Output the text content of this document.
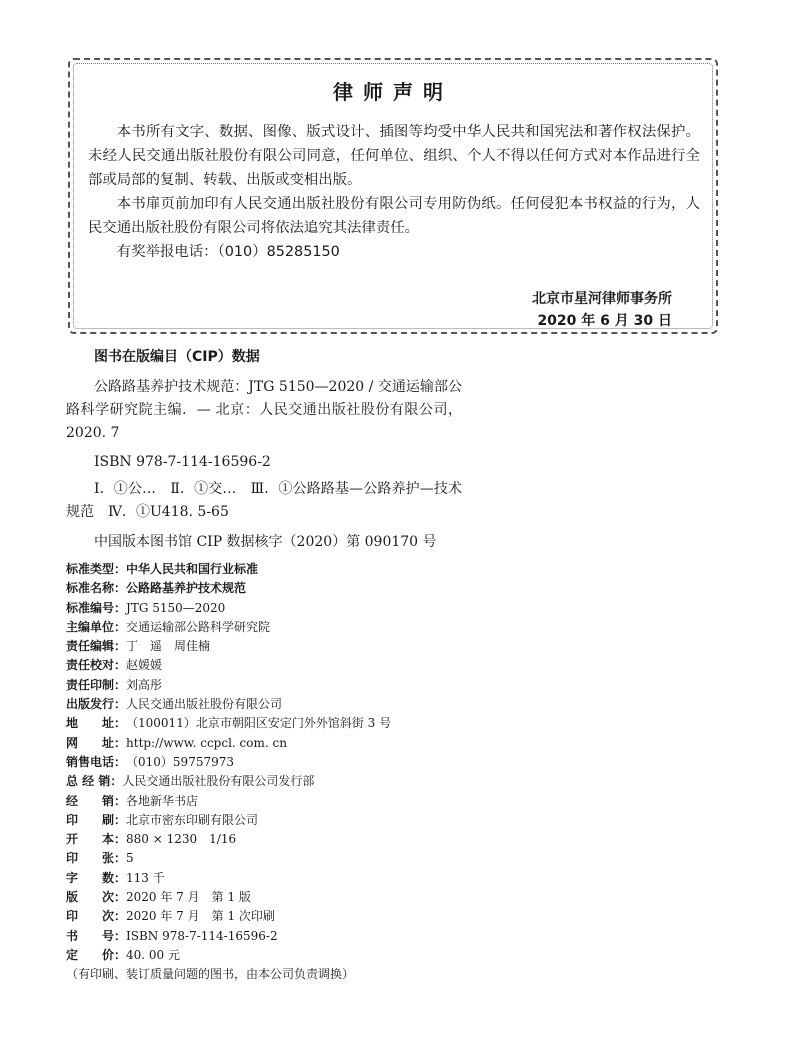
律师声明

本书所有文字、数据、图像、版式设计、插图等均受中华人民共和国宪法和著作权法保护。未经人民交通出版社股份有限公司同意，任何单位、组织、个人不得以任何方式对本作品进行全部或局部的复制、转载、出版或变相出版。

本书扉页前加印有人民交通出版社股份有限公司专用防伪纸。任何侵犯本书权益的行为，人民交通出版社股份有限公司将依法追究其法律责任。

有奖举报电话：（010）85285150

北京市星河律师事务所
2020 年 6 月 30 日
图书在版编目（CIP）数据

公路路基养护技术规范：JTG 5150—2020 / 交通运输部公路科学研究院主编．— 北京：人民交通出版社股份有限公司，2020. 7

ISBN 978-7-114-16596-2

Ⅰ．①公…　Ⅱ．①交…　Ⅲ．①公路路基—公路养护—技术规范　Ⅳ．①U418. 5-65

中国版本图书馆 CIP 数据核字（2020）第 090170 号

标准类型： 中华人民共和国行业标准
标准名称： 公路路基养护技术规范
标准编号： JTG 5150—2020
主编单位： 交通运输部公路科学研究院
责任编辑： 丁　遥　周佳楠
责任校对： 赵媛媛
责任印制： 刘高彤
出版发行： 人民交通出版社股份有限公司
地　　址： （100011）北京市朝阳区安定门外外馆斜街 3 号
网　　址： http://www. ccpcl. com. cn
销售电话： （010）59757973
总 经 销： 人民交通出版社股份有限公司发行部
经　　销： 各地新华书店
印　　刷： 北京市密东印刷有限公司
开　　本： 880 × 1230　1/16
印　　张： 5
字　　数： 113 千
版　　次： 2020 年 7 月　第 1 版
印　　次： 2020 年 7 月　第 1 次印刷
书　　号： ISBN 978-7-114-16596-2
定　　价： 40. 00 元
（有印刷、装订质量问题的图书，由本公司负责调换）
